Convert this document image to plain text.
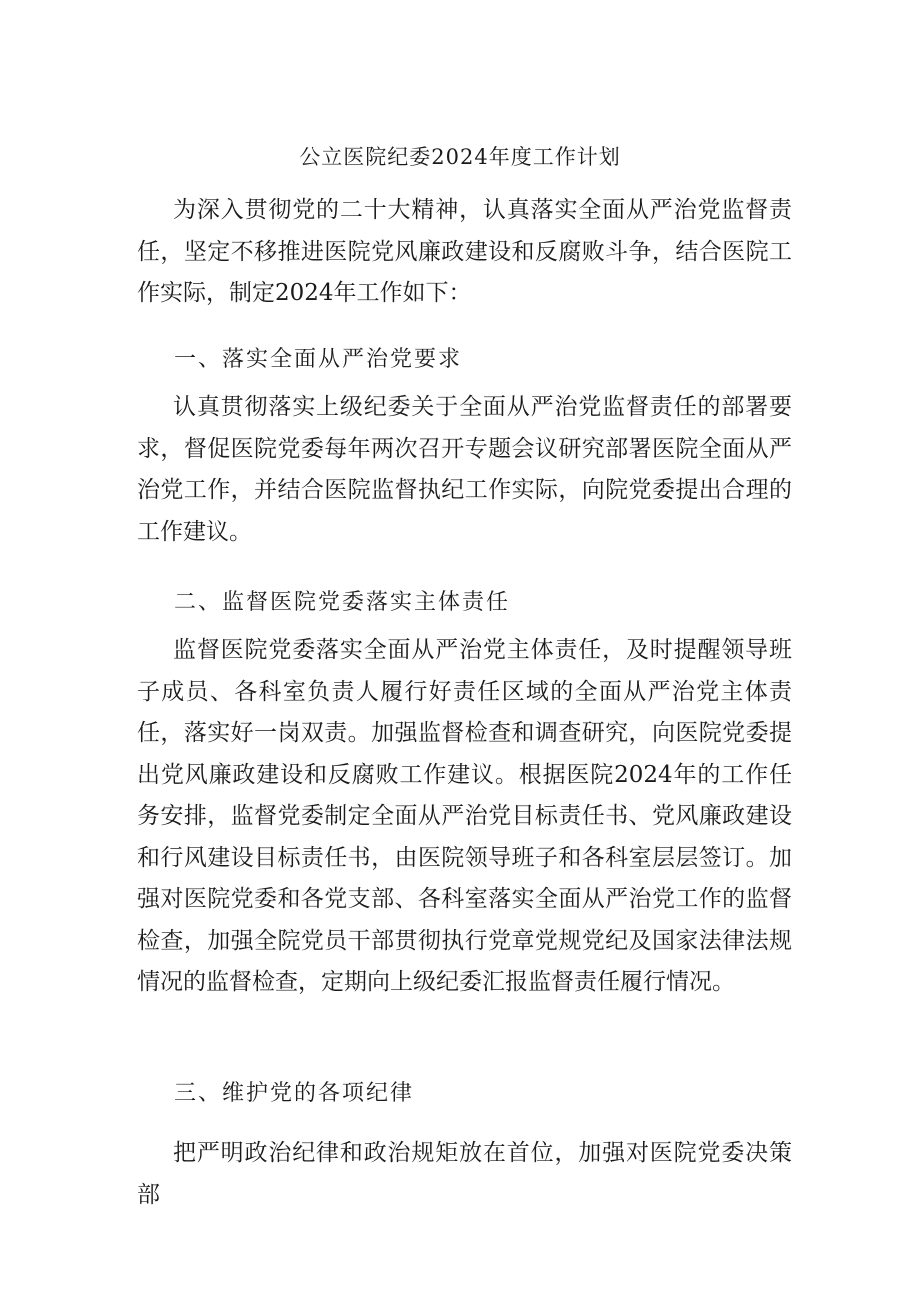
公立医院纪委2024年度工作计划
为深入贯彻党的二十大精神，认真落实全面从严治党监督责任，坚定不移推进医院党风廉政建设和反腐败斗争，结合医院工作实际，制定2024年工作如下：
一、落实全面从严治党要求
认真贯彻落实上级纪委关于全面从严治党监督责任的部署要求，督促医院党委每年两次召开专题会议研究部署医院全面从严治党工作，并结合医院监督执纪工作实际，向院党委提出合理的工作建议。
二、监督医院党委落实主体责任
监督医院党委落实全面从严治党主体责任，及时提醒领导班子成员、各科室负责人履行好责任区域的全面从严治党主体责任，落实好一岗双责。加强监督检查和调查研究，向医院党委提出党风廉政建设和反腐败工作建议。根据医院2024年的工作任务安排，监督党委制定全面从严治党目标责任书、党风廉政建设和行风建设目标责任书，由医院领导班子和各科室层层签订。加强对医院党委和各党支部、各科室落实全面从严治党工作的监督检查，加强全院党员干部贯彻执行党章党规党纪及国家法律法规情况的监督检查，定期向上级纪委汇报监督责任履行情况。
三、维护党的各项纪律
把严明政治纪律和政治规矩放在首位，加强对医院党委决策部
